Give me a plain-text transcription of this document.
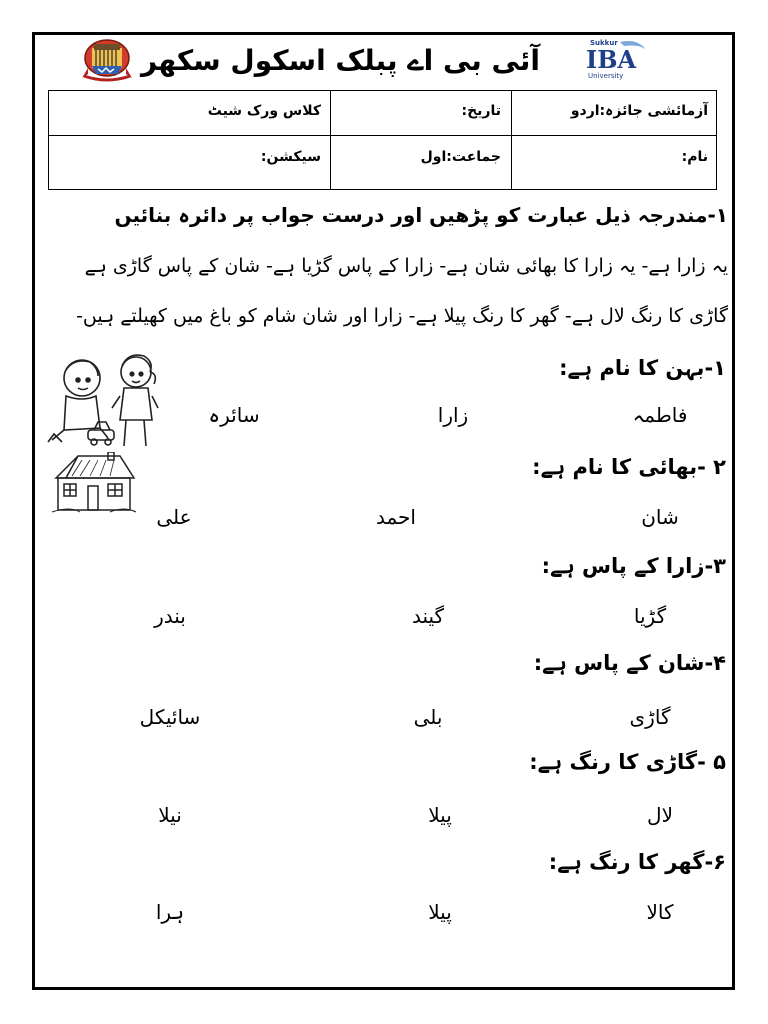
آئی بی اے پبلک اسکول سکھر
Sukkur
IBA
University
آزمائشی جائزہ:اردو
تاریخ:
کلاس ورک شیٹ
نام:
جماعت:اول
سیکشن:
۱-مندرجہ ذیل عبارت کو پڑھیں اور درست جواب پر دائرہ بنائیں
یہ زارا ہے- یہ زارا کا بھائی شان ہے- زارا کے پاس گڑیا ہے- شان کے پاس گاڑی ہے
گاڑی کا رنگ لال ہے- گھر کا رنگ پیلا ہے- زارا اور شان شام کو باغ میں کھیلتے ہیں-
۱-بہن کا نام ہے:
فاطمہ
زارا
سائرہ
۲ -بھائی کا نام ہے:
شان
احمد
علی
۳-زارا کے پاس ہے:
گڑیا
گیند
بندر
۴-شان کے پاس ہے:
گاڑی
بلی
سائیکل
۵ -گاڑی کا رنگ ہے:
لال
پیلا
نیلا
۶-گھر کا رنگ ہے:
کالا
پیلا
ہرا
